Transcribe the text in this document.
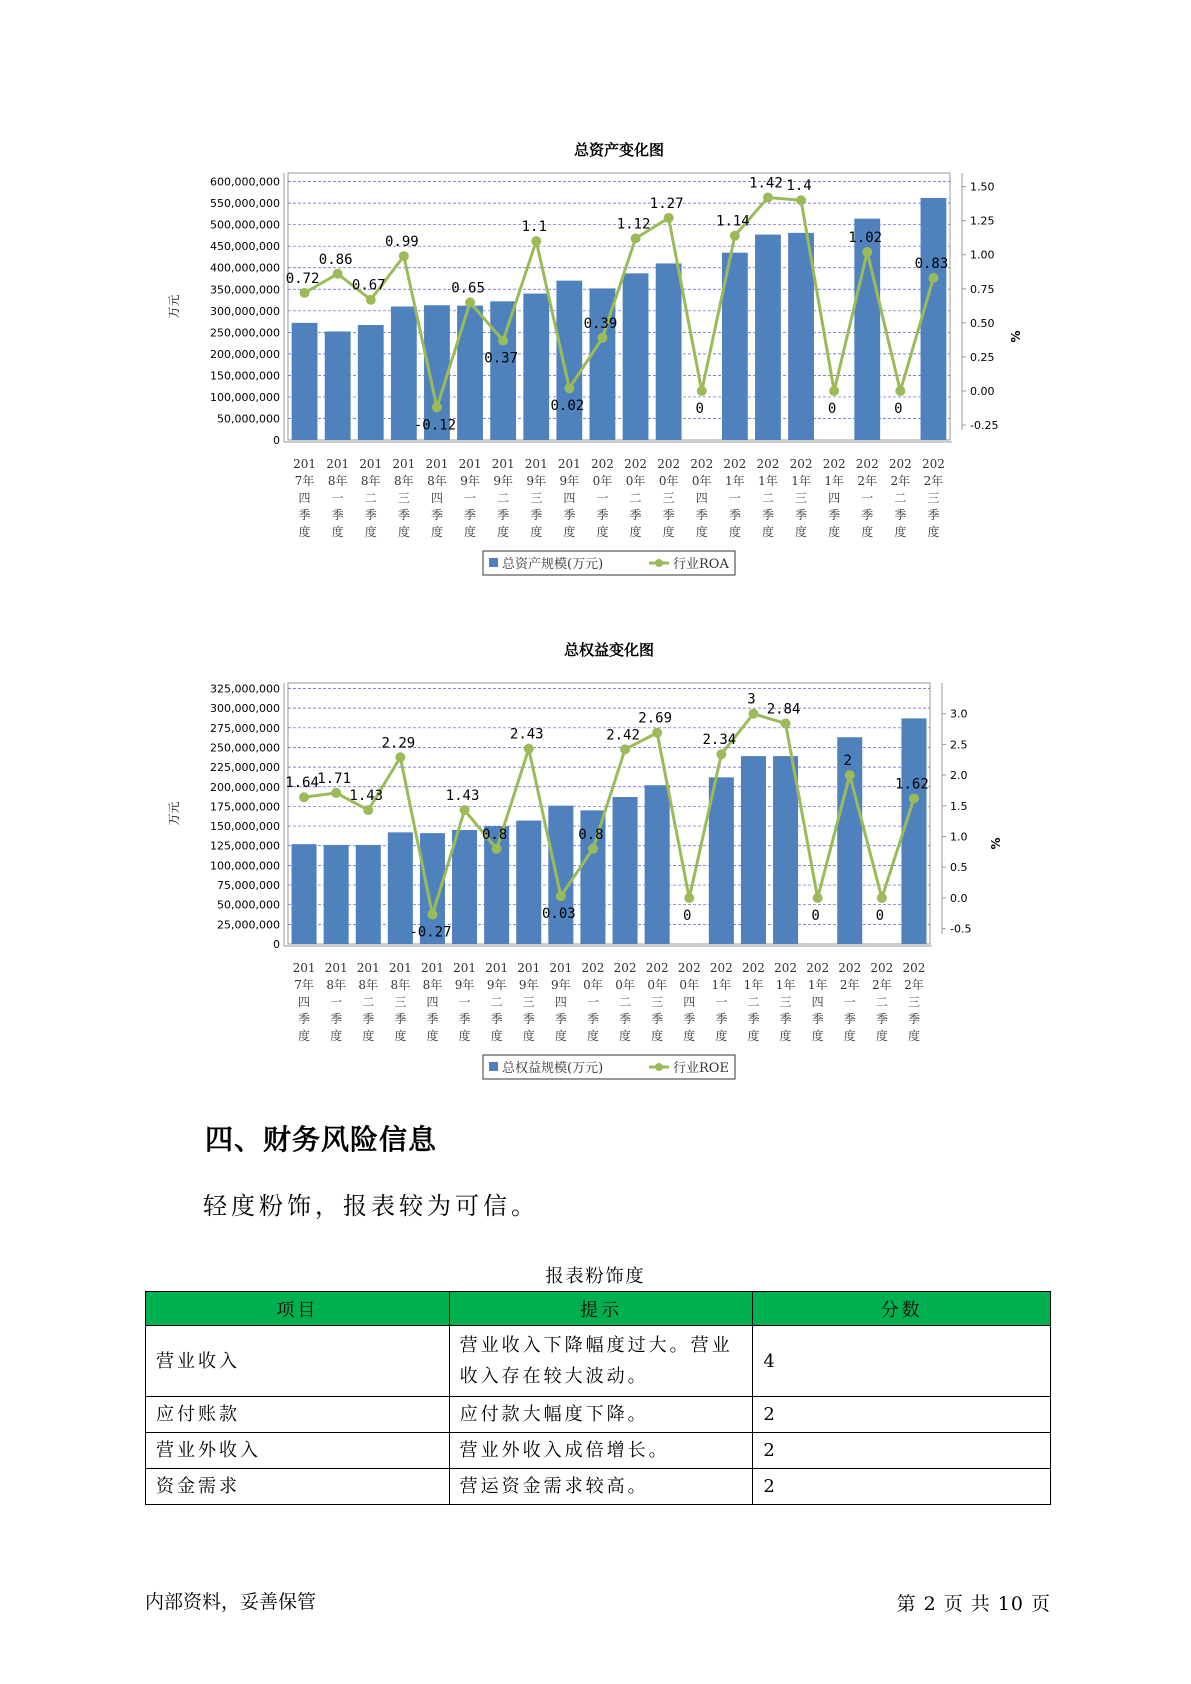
总资产变化图
0
50,000,000
100,000,000
150,000,000
200,000,000
250,000,000
300,000,000
350,000,000
400,000,000
450,000,000
500,000,000
550,000,000
600,000,000
万元
-0.25
0.00
0.25
0.50
0.75
1.00
1.25
1.50
%
0.72
0.86
0.67
0.99
-0.12
0.65
0.37
1.1
0.02
0.39
1.12
1.27
0
1.14
1.42 1.4
0
1.02
0
0.83
201
7年
四
季
度
201
8年
一
季
度
201
8年
二
季
度
201
8年
三
季
度
201
8年
四
季
度
201
9年
一
季
度
201
9年
二
季
度
201
9年
三
季
度
201
9年
四
季
度
202
0年
一
季
度
202
0年
二
季
度
202
0年
三
季
度
202
0年
四
季
度
202
1年
一
季
度
202
1年
二
季
度
202
1年
三
季
度
202
1年
四
季
度
202
2年
一
季
度
202
2年
二
季
度
202
2年
三
季
度
总资产规模(万元)	行业ROA
总权益变化图
0
25,000,000
50,000,000
75,000,000
100,000,000
125,000,000
150,000,000
175,000,000
200,000,000
225,000,000
250,000,000
275,000,000
300,000,000
325,000,000
万元
-0.5
0.0
0.5
1.0
1.5
2.0
2.5
3.0
%
1.64
1.71
1.43
2.29
-0.27
1.43
0.8
2.43
0.03
0.8
2.42
2.69
0
2.34
3
2.84
0
2
0
1.62
201
7年
四
季
度
201
8年
一
季
度
201
8年
二
季
度
201
8年
三
季
度
201
8年
四
季
度
201
9年
一
季
度
201
9年
二
季
度
201
9年
三
季
度
201
9年
四
季
度
202
0年
一
季
度
202
0年
二
季
度
202
0年
三
季
度
202
0年
四
季
度
202
1年
一
季
度
202
1年
二
季
度
202
1年
三
季
度
202
1年
四
季
度
202
2年
一
季
度
202
2年
二
季
度
202
2年
三
季
度
总权益规模(万元)	行业ROE
四、财务风险信息
轻度粉饰，报表较为可信。
报表粉饰度
项目	提示	分数
营业收入	营业收入下降幅度过大。营业收入存在较大波动。	4
应付账款	应付款大幅度下降。	2
营业外收入	营业外收入成倍增长。	2
资金需求	营运资金需求较高。	2
内部资料，妥善保管	第 2 页 共 10 页
